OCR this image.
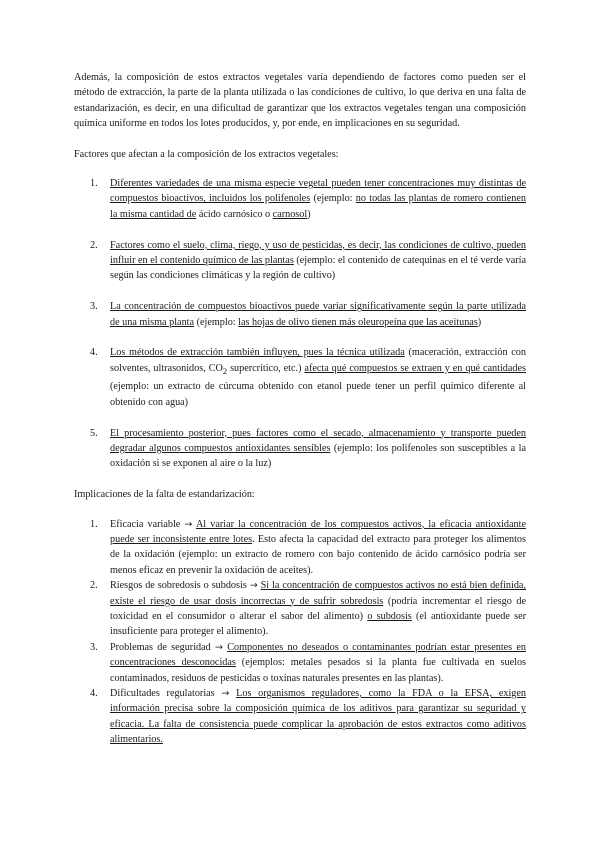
Además, la composición de estos extractos vegetales varía dependiendo de factores como pueden ser el método de extracción, la parte de la planta utilizada o las condiciones de cultivo, lo que deriva en una falta de estandarización, es decir, en una dificultad de garantizar que los extractos vegetales tengan una composición química uniforme en todos los lotes producidos, y, por ende, en implicaciones en su seguridad.

Factores que afectan a la composición de los extractos vegetales:

1. Diferentes variedades de una misma especie vegetal pueden tener concentraciones muy distintas de compuestos bioactivos, incluidos los polifenoles (ejemplo: no todas las plantas de romero contienen la misma cantidad de ácido carnósico o carnosol)
2. Factores como el suelo, clima, riego, y uso de pesticidas, es decir, las condiciones de cultivo, pueden influir en el contenido químico de las plantas (ejemplo: el contenido de catequinas en el té verde varía según las condiciones climáticas y la región de cultivo)
3. La concentración de compuestos bioactivos puede variar significativamente según la parte utilizada de una misma planta (ejemplo: las hojas de olivo tienen más oleuropeína que las aceitunas)
4. Los métodos de extracción también influyen, pues la técnica utilizada (maceración, extracción con solventes, ultrasonidos, $CO_2$ supercrítico, etc.) afecta qué compuestos se extraen y en qué cantidades (ejemplo: un extracto de cúrcuma obtenido con etanol puede tener un perfil químico diferente al obtenido con agua)
5. El procesamiento posterior, pues factores como el secado, almacenamiento y transporte pueden degradar algunos compuestos antioxidantes sensibles (ejemplo: los polifenoles son susceptibles a la oxidación si se exponen al aire o la luz)

Implicaciones de la falta de estandarización:

1. Eficacia variable → Al variar la concentración de los compuestos activos, la eficacia antioxidante puede ser inconsistente entre lotes. Esto afecta la capacidad del extracto para proteger los alimentos de la oxidación (ejemplo: un extracto de romero con bajo contenido de ácido carnósico podría ser menos eficaz en prevenir la oxidación de aceites).
2. Riesgos de sobredosis o subdosis → Si la concentración de compuestos activos no está bien definida, existe el riesgo de usar dosis incorrectas y de sufrir sobredosis (podría incrementar el riesgo de toxicidad en el consumidor o alterar el sabor del alimento) o subdosis (el antioxidante puede ser insuficiente para proteger el alimento).
3. Problemas de seguridad → Componentes no deseados o contaminantes podrían estar presentes en concentraciones desconocidas (ejemplos: metales pesados si la planta fue cultivada en suelos contaminados, residuos de pesticidas o toxinas naturales presentes en las plantas).
4. Dificultades regulatorias → Los organismos reguladores, como la FDA o la EFSA, exigen información precisa sobre la composición química de los aditivos para garantizar su seguridad y eficacia. La falta de consistencia puede complicar la aprobación de estos extractos como aditivos alimentarios.
